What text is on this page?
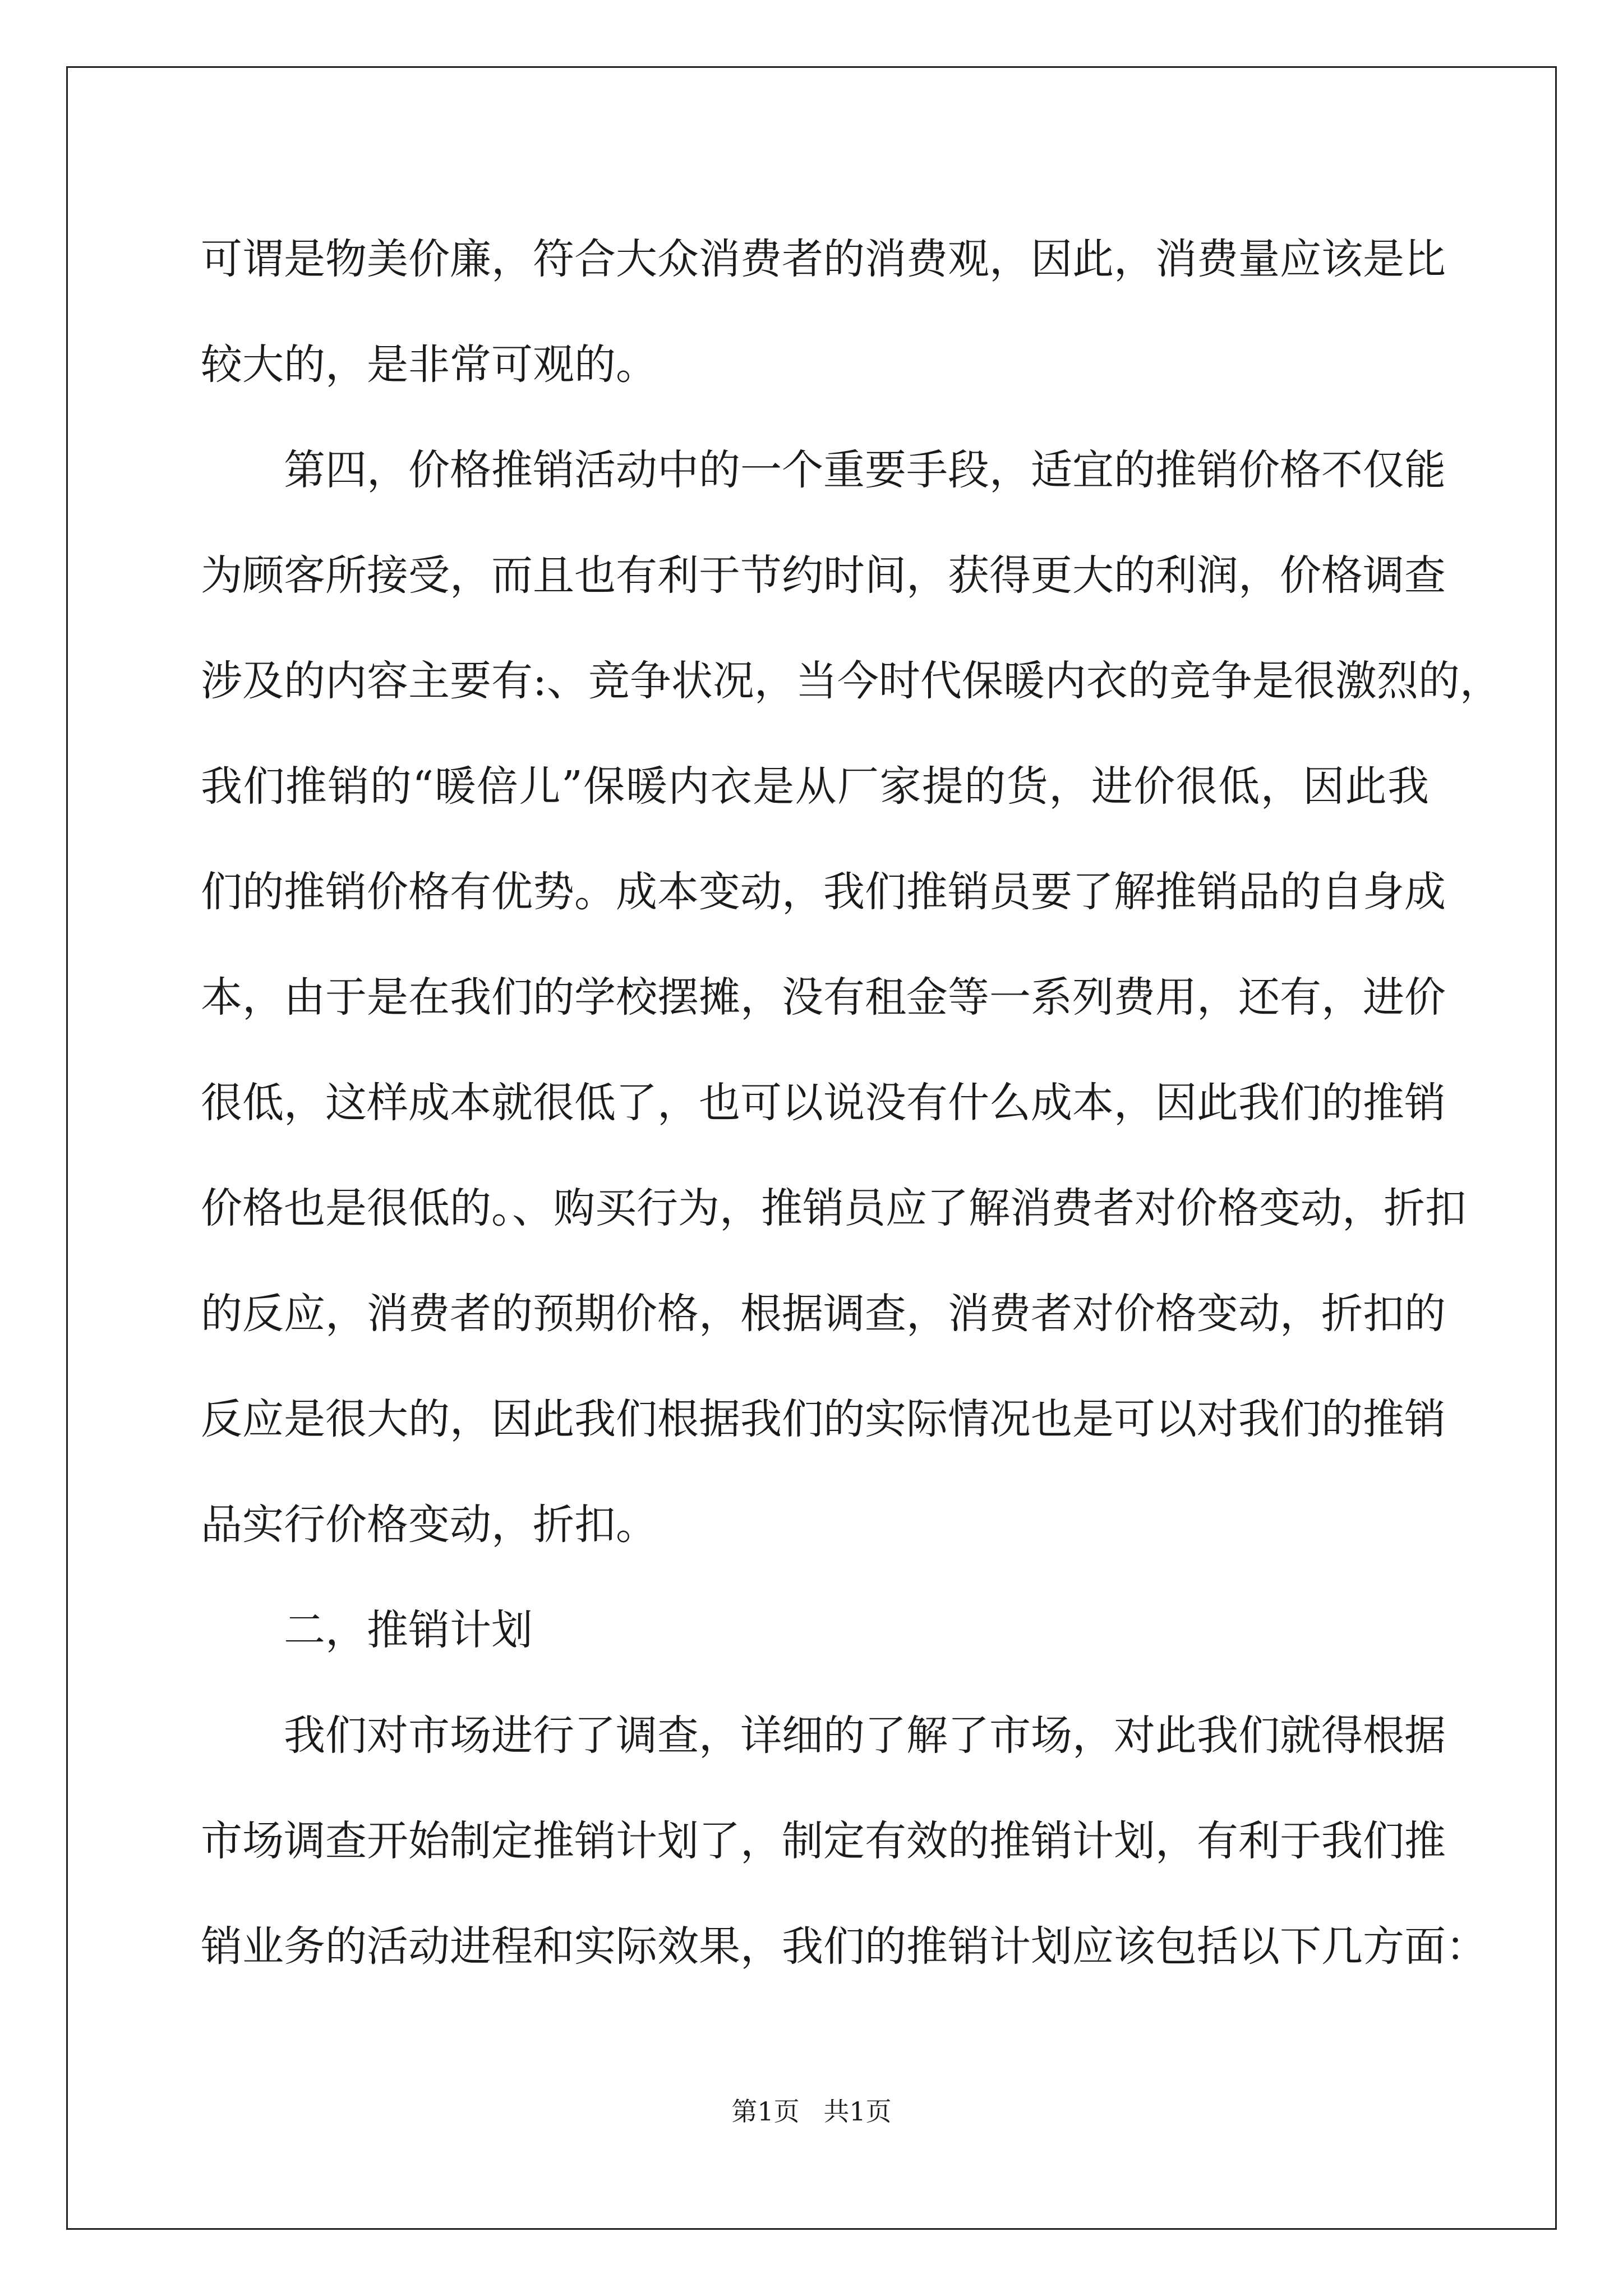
可谓是物美价廉，符合大众消费者的消费观，因此，消费量应该是比
较大的，是非常可观的。
第四，价格推销活动中的一个重要手段，适宜的推销价格不仅能
为顾客所接受，而且也有利于节约时间，获得更大的利润，价格调查
涉及的内容主要有:、竞争状况，当今时代保暖内衣的竞争是很激烈的，
我们推销的“暖倍儿”保暖内衣是从厂家提的货，进价很低，因此我
们的推销价格有优势。成本变动，我们推销员要了解推销品的自身成
本，由于是在我们的学校摆摊，没有租金等一系列费用，还有，进价
很低，这样成本就很低了，也可以说没有什么成本，因此我们的推销
价格也是很低的。、购买行为，推销员应了解消费者对价格变动，折扣
的反应，消费者的预期价格，根据调查，消费者对价格变动，折扣的
反应是很大的，因此我们根据我们的实际情况也是可以对我们的推销
品实行价格变动，折扣。
二，推销计划
我们对市场进行了调查，详细的了解了市场，对此我们就得根据
市场调查开始制定推销计划了，制定有效的推销计划，有利于我们推
销业务的活动进程和实际效果，我们的推销计划应该包括以下几方面：
第1页 共1页
